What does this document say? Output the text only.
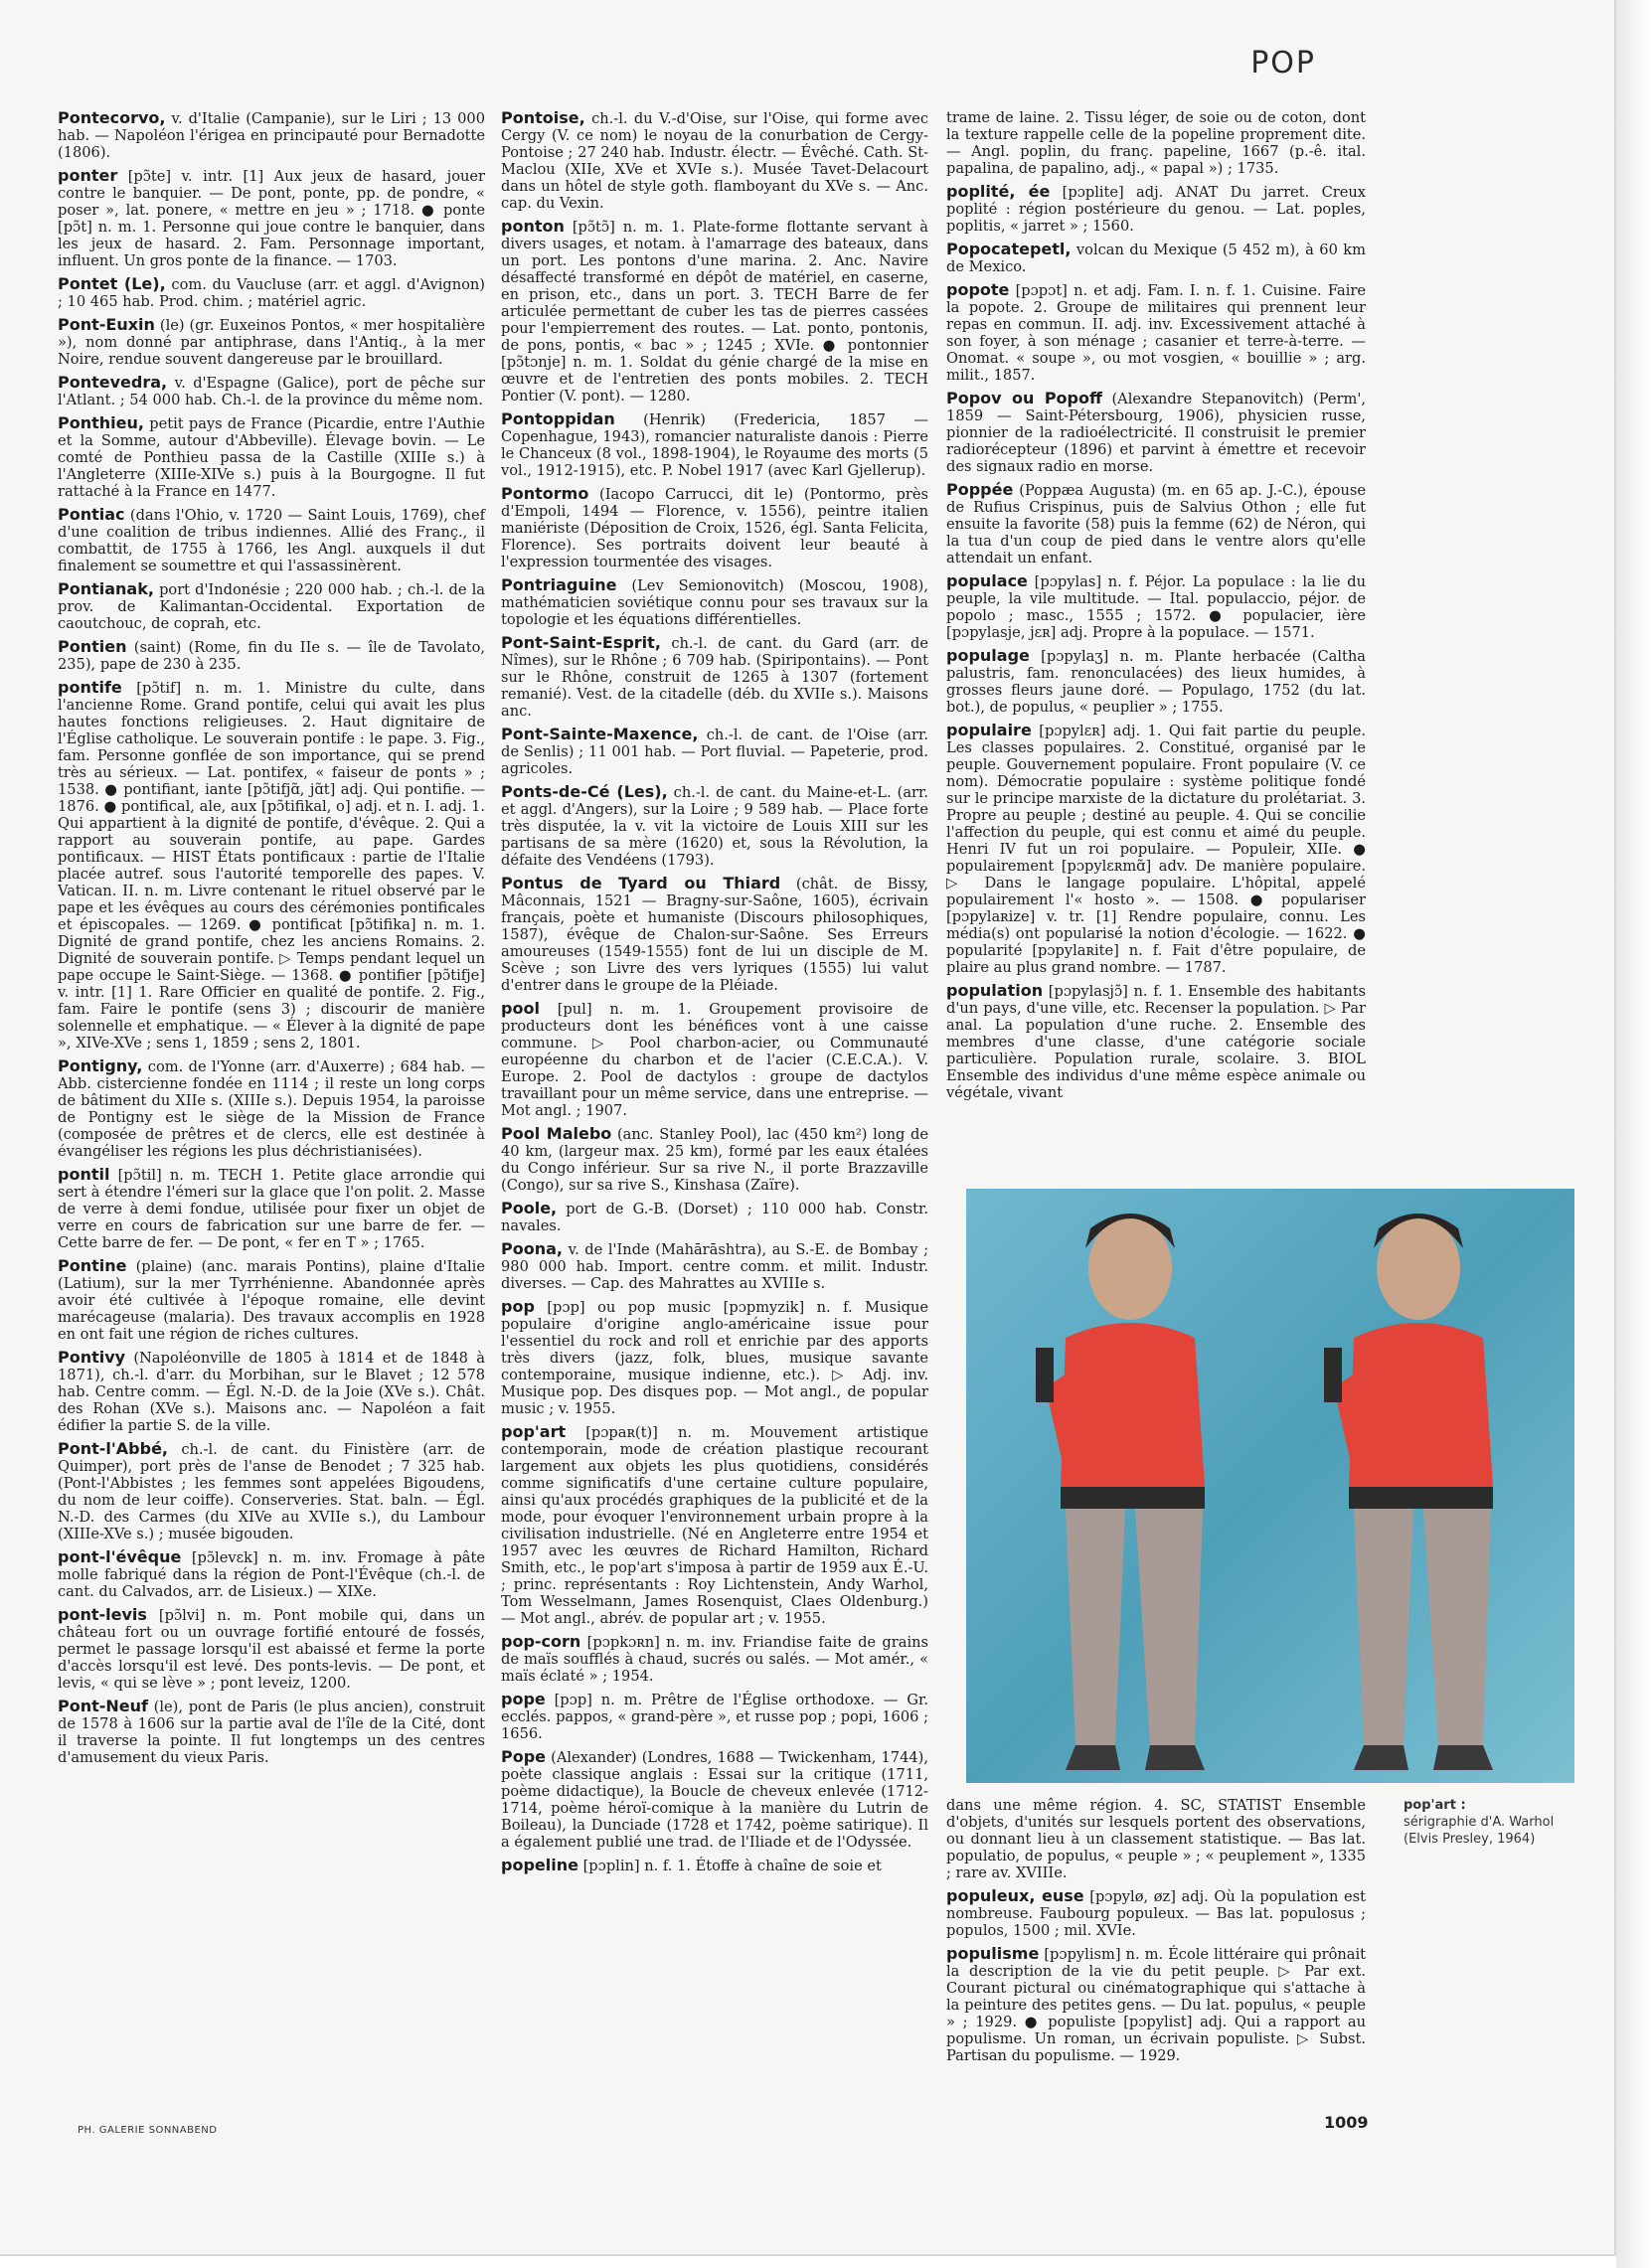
POP

Pontecorvo, v. d'Italie (Campanie), sur le Liri ; 13 000 hab. — Napoléon l'érigea en principauté pour Bernadotte (1806).

ponter [pɔ̃te] v. intr. [1] Aux jeux de hasard, jouer contre le banquier. — De pont, ponte, pp. de pondre, « poser », lat. ponere, « mettre en jeu » ; 1718. ● ponte [pɔ̃t] n. m. 1. Personne qui joue contre le banquier, dans les jeux de hasard. 2. Fam. Personnage important, influent. Un gros ponte de la finance. — 1703.

Pontet (Le), com. du Vaucluse (arr. et aggl. d'Avignon) ; 10 465 hab. Prod. chim. ; matériel agric.

Pont-Euxin (le) (gr. Euxeinos Pontos, « mer hospitalière »), nom donné par antiphrase, dans l'Antiq., à la mer Noire, rendue souvent dangereuse par le brouillard.

Pontevedra, v. d'Espagne (Galice), port de pêche sur l'Atlant. ; 54 000 hab. Ch.-l. de la province du même nom.

Ponthieu, petit pays de France (Picardie, entre l'Authie et la Somme, autour d'Abbeville). Élevage bovin. — Le comté de Ponthieu passa de la Castille (XIIIe s.) à l'Angleterre (XIIIe-XIVe s.) puis à la Bourgogne. Il fut rattaché à la France en 1477.

Pontiac (dans l'Ohio, v. 1720 — Saint Louis, 1769), chef d'une coalition de tribus indiennes. Allié des Franç., il combattit, de 1755 à 1766, les Angl. auxquels il dut finalement se soumettre et qui l'assassinèrent.

Pontianak, port d'Indonésie ; 220 000 hab. ; ch.-l. de la prov. de Kalimantan-Occidental. Exportation de caoutchouc, de coprah, etc.

Pontien (saint) (Rome, fin du IIe s. — île de Tavolato, 235), pape de 230 à 235.

pontife [pɔ̃tif] n. m. 1. Ministre du culte, dans l'ancienne Rome. Grand pontife, celui qui avait les plus hautes fonctions religieuses. 2. Haut dignitaire de l'Église catholique. Le souverain pontife : le pape. 3. Fig., fam. Personne gonflée de son importance, qui se prend très au sérieux. — Lat. pontifex, « faiseur de ponts » ; 1538. ● pontifiant, iante [pɔ̃tifjɑ̃, jɑ̃t] adj. Qui pontifie. — 1876. ● pontifical, ale, aux [pɔ̃tifikal, o] adj. et n. I. adj. 1. Qui appartient à la dignité de pontife, d'évêque. 2. Qui a rapport au souverain pontife, au pape. Gardes pontificaux. — HIST États pontificaux : partie de l'Italie placée autref. sous l'autorité temporelle des papes. V. Vatican. II. n. m. Livre contenant le rituel observé par le pape et les évêques au cours des cérémonies pontificales et épiscopales. — 1269. ● pontificat [pɔ̃tifika] n. m. 1. Dignité de grand pontife, chez les anciens Romains. 2. Dignité de souverain pontife. ▷ Temps pendant lequel un pape occupe le Saint-Siège. — 1368. ● pontifier [pɔ̃tifje] v. intr. [1] 1. Rare Officier en qualité de pontife. 2. Fig., fam. Faire le pontife (sens 3) ; discourir de manière solennelle et emphatique. — « Élever à la dignité de pape », XIVe-XVe ; sens 1, 1859 ; sens 2, 1801.

Pontigny, com. de l'Yonne (arr. d'Auxerre) ; 684 hab. — Abb. cistercienne fondée en 1114 ; il reste un long corps de bâtiment du XIIe s. (XIIIe s.). Depuis 1954, la paroisse de Pontigny est le siège de la Mission de France (composée de prêtres et de clercs, elle est destinée à évangéliser les régions les plus déchristianisées).

pontil [pɔ̃til] n. m. TECH 1. Petite glace arrondie qui sert à étendre l'émeri sur la glace que l'on polit. 2. Masse de verre à demi fondue, utilisée pour fixer un objet de verre en cours de fabrication sur une barre de fer. — Cette barre de fer. — De pont, « fer en T » ; 1765.

Pontine (plaine) (anc. marais Pontins), plaine d'Italie (Latium), sur la mer Tyrrhénienne. Abandonnée après avoir été cultivée à l'époque romaine, elle devint marécageuse (malaria). Des travaux accomplis en 1928 en ont fait une région de riches cultures.

Pontivy (Napoléonville de 1805 à 1814 et de 1848 à 1871), ch.-l. d'arr. du Morbihan, sur le Blavet ; 12 578 hab. Centre comm. — Égl. N.-D. de la Joie (XVe s.). Chât. des Rohan (XVe s.). Maisons anc. — Napoléon a fait édifier la partie S. de la ville.

Pont-l'Abbé, ch.-l. de cant. du Finistère (arr. de Quimper), port près de l'anse de Benodet ; 7 325 hab. (Pont-l'Abbistes ; les femmes sont appelées Bigoudens, du nom de leur coiffe). Conserveries. Stat. baln. — Égl. N.-D. des Carmes (du XIVe au XVIIe s.), du Lambour (XIIIe-XVe s.) ; musée bigouden.

pont-l'évêque [pɔ̃levɛk] n. m. inv. Fromage à pâte molle fabriqué dans la région de Pont-l'Évêque (ch.-l. de cant. du Calvados, arr. de Lisieux.) — XIXe.

pont-levis [pɔ̃lvi] n. m. Pont mobile qui, dans un château fort ou un ouvrage fortifié entouré de fossés, permet le passage lorsqu'il est abaissé et ferme la porte d'accès lorsqu'il est levé. Des ponts-levis. — De pont, et levis, « qui se lève » ; pont leveiz, 1200.

Pont-Neuf (le), pont de Paris (le plus ancien), construit de 1578 à 1606 sur la partie aval de l'île de la Cité, dont il traverse la pointe. Il fut longtemps un des centres d'amusement du vieux Paris.

Pontoise, ch.-l. du V.-d'Oise, sur l'Oise, qui forme avec Cergy (V. ce nom) le noyau de la conurbation de Cergy-Pontoise ; 27 240 hab. Industr. électr. — Évêché. Cath. St-Maclou (XIIe, XVe et XVIe s.). Musée Tavet-Delacourt dans un hôtel de style goth. flamboyant du XVe s. — Anc. cap. du Vexin.

ponton [pɔ̃tɔ̃] n. m. 1. Plate-forme flottante servant à divers usages, et notam. à l'amarrage des bateaux, dans un port. Les pontons d'une marina. 2. Anc. Navire désaffecté transformé en dépôt de matériel, en caserne, en prison, etc., dans un port. 3. TECH Barre de fer articulée permettant de cuber les tas de pierres cassées pour l'empierrement des routes. — Lat. ponto, pontonis, de pons, pontis, « bac » ; 1245 ; XVIe. ● pontonnier [pɔ̃tɔnje] n. m. 1. Soldat du génie chargé de la mise en œuvre et de l'entretien des ponts mobiles. 2. TECH Pontier (V. pont). — 1280.

Pontoppidan (Henrik) (Fredericia, 1857 — Copenhague, 1943), romancier naturaliste danois : Pierre le Chanceux (8 vol., 1898-1904), le Royaume des morts (5 vol., 1912-1915), etc. P. Nobel 1917 (avec Karl Gjellerup).

Pontormo (Iacopo Carrucci, dit le) (Pontormo, près d'Empoli, 1494 — Florence, v. 1556), peintre italien maniériste (Déposition de Croix, 1526, égl. Santa Felicita, Florence). Ses portraits doivent leur beauté à l'expression tourmentée des visages.

Pontriaguine (Lev Semionovitch) (Moscou, 1908), mathématicien soviétique connu pour ses travaux sur la topologie et les équations différentielles.

Pont-Saint-Esprit, ch.-l. de cant. du Gard (arr. de Nîmes), sur le Rhône ; 6 709 hab. (Spiripontains). — Pont sur le Rhône, construit de 1265 à 1307 (fortement remanié). Vest. de la citadelle (déb. du XVIIe s.). Maisons anc.

Pont-Sainte-Maxence, ch.-l. de cant. de l'Oise (arr. de Senlis) ; 11 001 hab. — Port fluvial. — Papeterie, prod. agricoles.

Ponts-de-Cé (Les), ch.-l. de cant. du Maine-et-L. (arr. et aggl. d'Angers), sur la Loire ; 9 589 hab. — Place forte très disputée, la v. vit la victoire de Louis XIII sur les partisans de sa mère (1620) et, sous la Révolution, la défaite des Vendéens (1793).

Pontus de Tyard ou Thiard (chât. de Bissy, Mâconnais, 1521 — Bragny-sur-Saône, 1605), écrivain français, poète et humaniste (Discours philosophiques, 1587), évêque de Chalon-sur-Saône. Ses Erreurs amoureuses (1549-1555) font de lui un disciple de M. Scève ; son Livre des vers lyriques (1555) lui valut d'entrer dans le groupe de la Pléiade.

pool [pul] n. m. 1. Groupement provisoire de producteurs dont les bénéfices vont à une caisse commune. ▷ Pool charbon-acier, ou Communauté européenne du charbon et de l'acier (C.E.C.A.). V. Europe. 2. Pool de dactylos : groupe de dactylos travaillant pour un même service, dans une entreprise. — Mot angl. ; 1907.

Pool Malebo (anc. Stanley Pool), lac (450 km²) long de 40 km, (largeur max. 25 km), formé par les eaux étalées du Congo inférieur. Sur sa rive N., il porte Brazzaville (Congo), sur sa rive S., Kinshasa (Zaïre).

Poole, port de G.-B. (Dorset) ; 110 000 hab. Constr. navales.

Poona, v. de l'Inde (Mahārāshtra), au S.-E. de Bombay ; 980 000 hab. Import. centre comm. et milit. Industr. diverses. — Cap. des Mahrattes au XVIIIe s.

pop [pɔp] ou pop music [pɔpmyzik] n. f. Musique populaire d'origine anglo-américaine issue pour l'essentiel du rock and roll et enrichie par des apports très divers (jazz, folk, blues, musique savante contemporaine, musique indienne, etc.). ▷ Adj. inv. Musique pop. Des disques pop. — Mot angl., de popular music ; v. 1955.

pop'art [pɔpaʀ(t)] n. m. Mouvement artistique contemporain, mode de création plastique recourant largement aux objets les plus quotidiens, considérés comme significatifs d'une certaine culture populaire, ainsi qu'aux procédés graphiques de la publicité et de la mode, pour évoquer l'environnement urbain propre à la civilisation industrielle. (Né en Angleterre entre 1954 et 1957 avec les œuvres de Richard Hamilton, Richard Smith, etc., le pop'art s'imposa à partir de 1959 aux É.-U. ; princ. représentants : Roy Lichtenstein, Andy Warhol, Tom Wesselmann, James Rosenquist, Claes Oldenburg.) — Mot angl., abrév. de popular art ; v. 1955.

pop-corn [pɔpkɔʀn] n. m. inv. Friandise faite de grains de maïs soufflés à chaud, sucrés ou salés. — Mot amér., « maïs éclaté » ; 1954.

pope [pɔp] n. m. Prêtre de l'Église orthodoxe. — Gr. ecclés. pappos, « grand-père », et russe pop ; popi, 1606 ; 1656.

Pope (Alexander) (Londres, 1688 — Twickenham, 1744), poète classique anglais : Essai sur la critique (1711, poème didactique), la Boucle de cheveux enlevée (1712-1714, poème héroï-comique à la manière du Lutrin de Boileau), la Dunciade (1728 et 1742, poème satirique). Il a également publié une trad. de l'Iliade et de l'Odyssée.

popeline [pɔplin] n. f. 1. Étoffe à chaîne de soie et

trame de laine. 2. Tissu léger, de soie ou de coton, dont la texture rappelle celle de la popeline proprement dite. — Angl. poplin, du franç. papeline, 1667 (p.-ê. ital. papalina, de papalino, adj., « papal ») ; 1735.

poplité, ée [pɔplite] adj. ANAT Du jarret. Creux poplité : région postérieure du genou. — Lat. poples, poplitis, « jarret » ; 1560.

Popocatepetl, volcan du Mexique (5 452 m), à 60 km de Mexico.

popote [pɔpɔt] n. et adj. Fam. I. n. f. 1. Cuisine. Faire la popote. 2. Groupe de militaires qui prennent leur repas en commun. II. adj. inv. Excessivement attaché à son foyer, à son ménage ; casanier et terre-à-terre. — Onomat. « soupe », ou mot vosgien, « bouillie » ; arg. milit., 1857.

Popov ou Popoff (Alexandre Stepanovitch) (Perm', 1859 — Saint-Pétersbourg, 1906), physicien russe, pionnier de la radioélectricité. Il construisit le premier radiorécepteur (1896) et parvint à émettre et recevoir des signaux radio en morse.

Poppée (Poppæa Augusta) (m. en 65 ap. J.-C.), épouse de Rufius Crispinus, puis de Salvius Othon ; elle fut ensuite la favorite (58) puis la femme (62) de Néron, qui la tua d'un coup de pied dans le ventre alors qu'elle attendait un enfant.

populace [pɔpylas] n. f. Péjor. La populace : la lie du peuple, la vile multitude. — Ital. populaccio, péjor. de popolo ; masc., 1555 ; 1572. ● populacier, ière [pɔpylasje, jɛʀ] adj. Propre à la populace. — 1571.

populage [pɔpylaʒ] n. m. Plante herbacée (Caltha palustris, fam. renonculacées) des lieux humides, à grosses fleurs jaune doré. — Populago, 1752 (du lat. bot.), de populus, « peuplier » ; 1755.

populaire [pɔpylɛʀ] adj. 1. Qui fait partie du peuple. Les classes populaires. 2. Constitué, organisé par le peuple. Gouvernement populaire. Front populaire (V. ce nom). Démocratie populaire : système politique fondé sur le principe marxiste de la dictature du prolétariat. 3. Propre au peuple ; destiné au peuple. 4. Qui se concilie l'affection du peuple, qui est connu et aimé du peuple. Henri IV fut un roi populaire. — Populeir, XIIe. ● populairement [pɔpylɛʀmɑ̃] adv. De manière populaire. ▷ Dans le langage populaire. L'hôpital, appelé populairement l'« hosto ». — 1508. ● populariser [pɔpylaʀize] v. tr. [1] Rendre populaire, connu. Les média(s) ont popularisé la notion d'écologie. — 1622. ● popularité [pɔpylaʀite] n. f. Fait d'être populaire, de plaire au plus grand nombre. — 1787.

population [pɔpylasjɔ̃] n. f. 1. Ensemble des habitants d'un pays, d'une ville, etc. Recenser la population. ▷ Par anal. La population d'une ruche. 2. Ensemble des membres d'une classe, d'une catégorie sociale particulière. Population rurale, scolaire. 3. BIOL Ensemble des individus d'une même espèce animale ou végétale, vivant

dans une même région. 4. SC, STATIST Ensemble d'objets, d'unités sur lesquels portent des observations, ou donnant lieu à un classement statistique. — Bas lat. populatio, de populus, « peuple » ; « peuplement », 1335 ; rare av. XVIIIe.

populeux, euse [pɔpylø, øz] adj. Où la population est nombreuse. Faubourg populeux. — Bas lat. populosus ; populos, 1500 ; mil. XVIe.

populisme [pɔpylism] n. m. École littéraire qui prônait la description de la vie du petit peuple. ▷ Par ext. Courant pictural ou cinématographique qui s'attache à la peinture des petites gens. — Du lat. populus, « peuple » ; 1929. ● populiste [pɔpylist] adj. Qui a rapport au populisme. Un roman, un écrivain populiste. ▷ Subst. Partisan du populisme. — 1929.

pop'art :
sérigraphie d'A. Warhol
(Elvis Presley, 1964)
PH. GALERIE SONNABEND	1009
